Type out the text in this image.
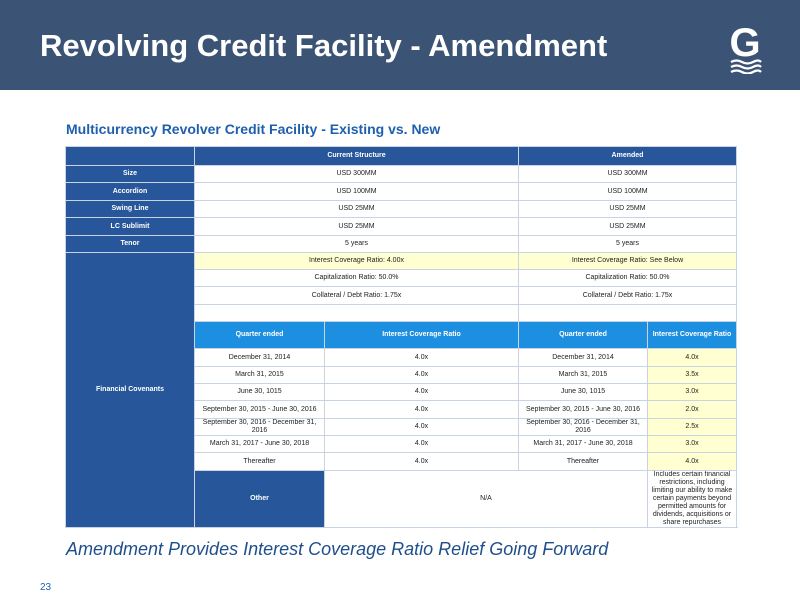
Revolving Credit Facility - Amendment	G
Multicurrency Revolver Credit Facility - Existing vs. New
	Current Structure		Amended	
Size	USD 300MM		USD 300MM	
Accordion	USD 100MM		USD 100MM	
Swing Line	USD 25MM		USD 25MM	
LC Sublimit	USD 25MM		USD 25MM	
Tenor	5 years		5 years	
Financial Covenants	Interest Coverage Ratio: 4.00x		Interest Coverage Ratio: See Below	
	Capitalization Ratio: 50.0%		Capitalization Ratio: 50.0%	
	Collateral / Debt Ratio: 1.75x		Collateral / Debt Ratio: 1.75x	

	Quarter ended	Interest Coverage Ratio	Quarter ended	Interest Coverage Ratio
	December 31, 2014	4.0x	December 31, 2014	4.0x
	March 31, 2015	4.0x	March 31, 2015	3.5x
	June 30, 1015	4.0x	June 30, 1015	3.0x
	September 30, 2015 - June 30, 2016	4.0x	September 30, 2015 - June 30, 2016	2.0x
	September 30, 2016 - December 31, 2016	4.0x	September 30, 2016 - December 31, 2016	2.5x
	March 31, 2017 - June 30, 2018	4.0x	March 31, 2017 - June 30, 2018	3.0x
	Thereafter	4.0x	Thereafter	4.0x
	Other	N/A		Includes certain financial restrictions, including limiting our ability to make certain payments beyond permitted amounts for dividends, acquisitions or share repurchases
Amendment Provides Interest Coverage Ratio Relief Going Forward
23
